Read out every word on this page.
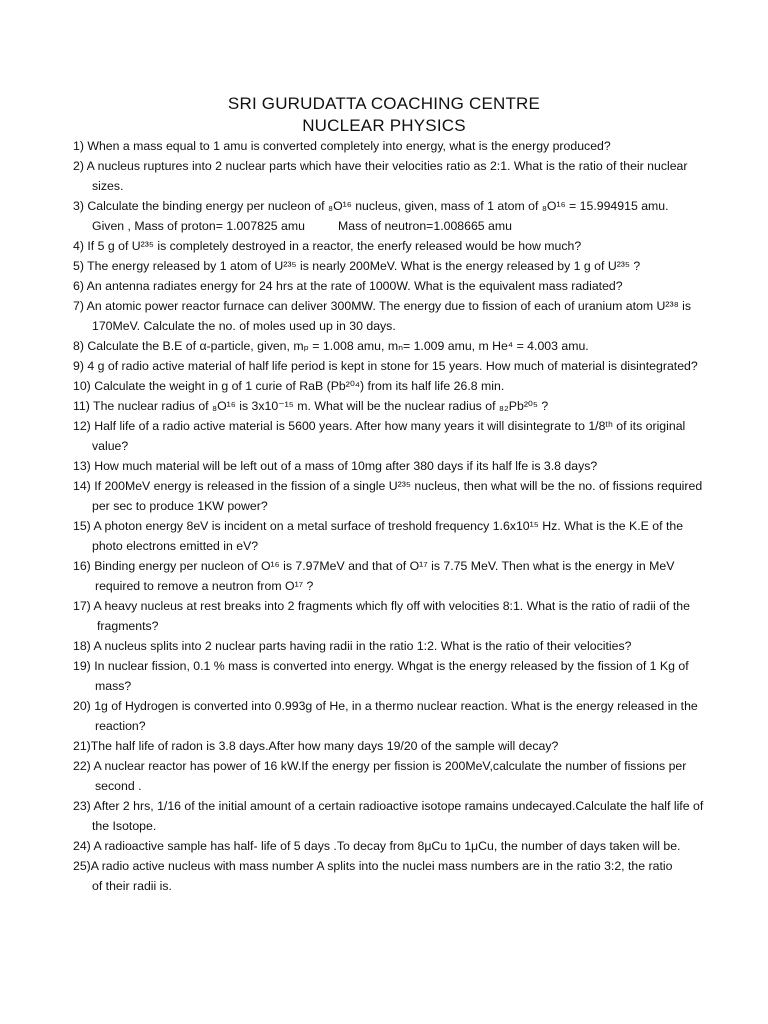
SRI GURUDATTA COACHING CENTRE
NUCLEAR PHYSICS
1) When a mass equal to 1 amu is converted completely into energy, what is the energy produced?
2) A nucleus ruptures into 2 nuclear parts which have their velocities ratio as 2:1. What is the ratio of their nuclear
sizes.
3) Calculate the binding energy per nucleon of ₈O¹⁶ nucleus, given, mass of 1 atom of ₈O¹⁶ = 15.994915 amu.
Given , Mass of proton= 1.007825 amu	Mass of neutron=1.008665 amu
4) If 5 g of U²³⁵ is completely destroyed in a reactor, the enerfy released would be how much?
5) The energy released by 1 atom of U²³⁵ is nearly 200MeV. What is the energy released by 1 g of U²³⁵ ?
6) An antenna radiates energy for 24 hrs at the rate of 1000W. What is the equivalent mass radiated?
7) An atomic power reactor furnace can deliver 300MW. The energy due to fission of each of uranium atom U²³⁸ is
170MeV. Calculate the no. of moles used up in 30 days.
8) Calculate the B.E of α-particle, given, mₚ = 1.008 amu, mₙ= 1.009 amu, m He⁴ = 4.003 amu.
9) 4 g of radio active material of half life period is kept in stone for 15 years. How much of material is disintegrated?
10) Calculate the weight in g of 1 curie of RaB (Pb²⁰⁴) from its half life 26.8 min.
11) The nuclear radius of ₈O¹⁶ is 3x10⁻¹⁵ m. What will be the nuclear radius of ₈₂Pb²⁰⁵ ?
12) Half life of a radio active material is 5600 years. After how many years it will disintegrate to 1/8ᵗʰ of its original
value?
13) How much material will be left out of a mass of 10mg after 380 days if its half lfe is 3.8 days?
14) If 200MeV energy is released in the fission of a single U²³⁵ nucleus, then what will be the no. of fissions required
per sec to produce 1KW power?
15) A photon energy 8eV is incident on a metal surface of treshold frequency 1.6x10¹⁵ Hz. What is the K.E of the
photo electrons emitted in eV?
16) Binding energy per nucleon of O¹⁶ is 7.97MeV and that of O¹⁷ is 7.75 MeV. Then what is the energy in MeV
required to remove a neutron from O¹⁷ ?
17) A heavy nucleus at rest breaks into 2 fragments which fly off with velocities 8:1. What is the ratio of radii of the
fragments?
18) A nucleus splits into 2 nuclear parts having radii in the ratio 1:2. What is the ratio of their velocities?
19) In nuclear fission, 0.1 % mass is converted into energy. Whgat is the energy released by the fission of 1 Kg of
mass?
20) 1g of Hydrogen is converted into 0.993g of He, in a thermo nuclear reaction. What is the energy released in the
reaction?
21)The half life of radon is 3.8 days.After how many days 19/20 of the sample will decay?
22) A nuclear reactor has power of 16 kW.If the energy per fission is 200MeV,calculate the number of fissions per
second .
23) After 2 hrs, 1/16 of the initial amount of a certain radioactive isotope ramains undecayed.Calculate the half life of
the Isotope.
24) A radioactive sample has half- life of 5 days .To decay from 8μCu to 1μCu, the number of days taken will be.
25)A radio active nucleus with mass number A splits into the nuclei mass numbers are in the ratio 3:2, the ratio
of their radii is.
